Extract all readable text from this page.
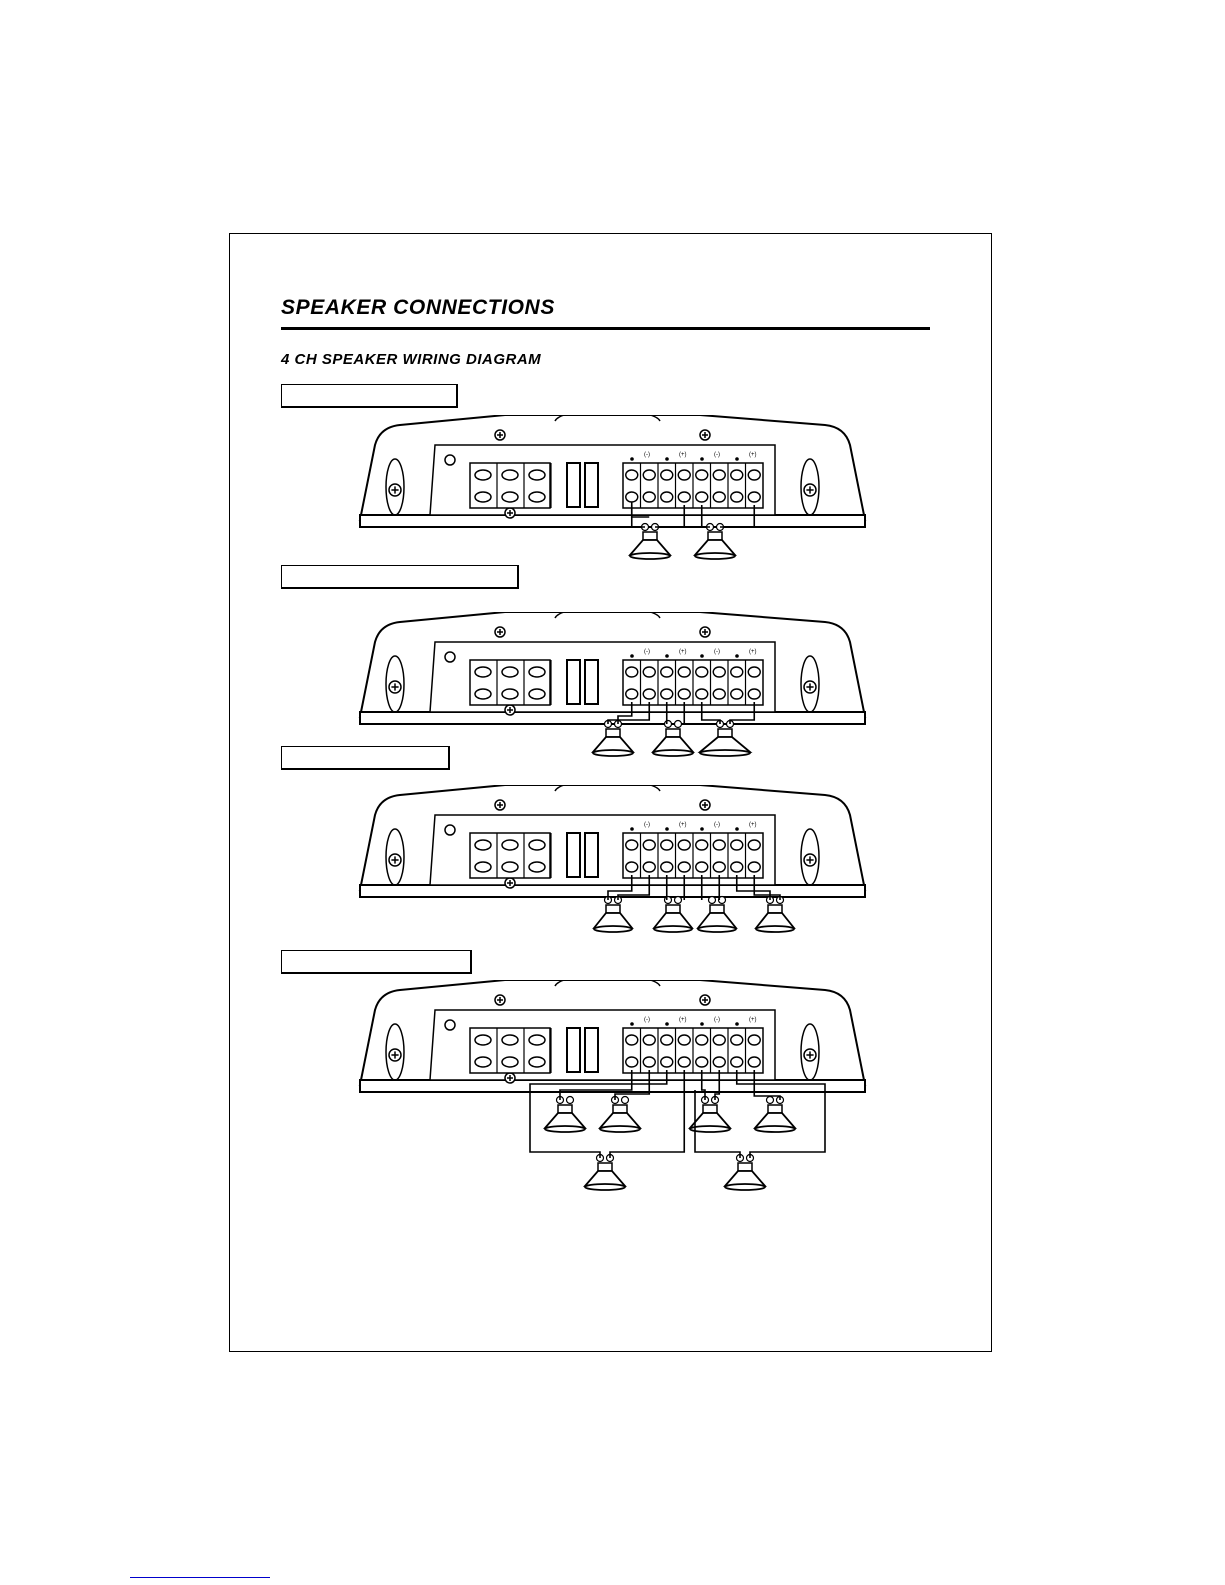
SPEAKER CONNECTIONS
4 CH SPEAKER WIRING DIAGRAM
(-)	(+)	(-)	(+)
(-)	(+)	(-)	(+)
(-)	(+)	(-)	(+)
(-)	(+)	(-)	(+)
